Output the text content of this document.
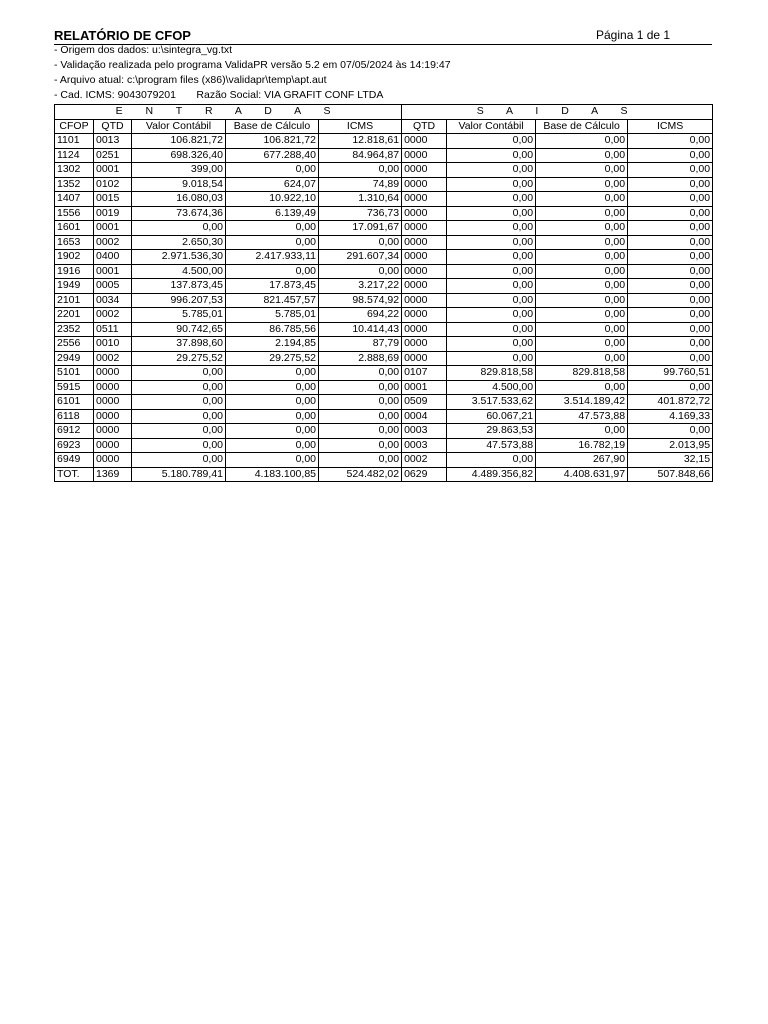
RELATÓRIO DE CFOP	Página 1 de 1
- Origem dos dados: u:\sintegra_vg.txt
- Validação realizada pelo programa ValidaPR versão 5.2 em 07/05/2024 às 14:19:47
- Arquivo atual: c:\program files (x86)\validapr\temp\apt.aut
- Cad. ICMS: 9043079201       Razão Social: VIA GRAFIT CONF LTDA
E N T R A D A S					S A I D A S			
CFOP	QTD	Valor Contábil	Base de Cálculo	ICMS	QTD	Valor Contábil	Base de Cálculo	ICMS
1101	0013	106.821,72	106.821,72	12.818,61	0000	0,00	0,00	0,00
1124	0251	698.326,40	677.288,40	84.964,87	0000	0,00	0,00	0,00
1302	0001	399,00	0,00	0,00	0000	0,00	0,00	0,00
1352	0102	9.018,54	624,07	74,89	0000	0,00	0,00	0,00
1407	0015	16.080,03	10.922,10	1.310,64	0000	0,00	0,00	0,00
1556	0019	73.674,36	6.139,49	736,73	0000	0,00	0,00	0,00
1601	0001	0,00	0,00	17.091,67	0000	0,00	0,00	0,00
1653	0002	2.650,30	0,00	0,00	0000	0,00	0,00	0,00
1902	0400	2.971.536,30	2.417.933,11	291.607,34	0000	0,00	0,00	0,00
1916	0001	4.500,00	0,00	0,00	0000	0,00	0,00	0,00
1949	0005	137.873,45	17.873,45	3.217,22	0000	0,00	0,00	0,00
2101	0034	996.207,53	821.457,57	98.574,92	0000	0,00	0,00	0,00
2201	0002	5.785,01	5.785,01	694,22	0000	0,00	0,00	0,00
2352	0511	90.742,65	86.785,56	10.414,43	0000	0,00	0,00	0,00
2556	0010	37.898,60	2.194,85	87,79	0000	0,00	0,00	0,00
2949	0002	29.275,52	29.275,52	2.888,69	0000	0,00	0,00	0,00
5101	0000	0,00	0,00	0,00	0107	829.818,58	829.818,58	99.760,51
5915	0000	0,00	0,00	0,00	0001	4.500,00	0,00	0,00
6101	0000	0,00	0,00	0,00	0509	3.517.533,62	3.514.189,42	401.872,72
6118	0000	0,00	0,00	0,00	0004	60.067,21	47.573,88	4.169,33
6912	0000	0,00	0,00	0,00	0003	29.863,53	0,00	0,00
6923	0000	0,00	0,00	0,00	0003	47.573,88	16.782,19	2.013,95
6949	0000	0,00	0,00	0,00	0002	0,00	267,90	32,15
TOT.	1369	5.180.789,41	4.183.100,85	524.482,02	0629	4.489.356,82	4.408.631,97	507.848,66
